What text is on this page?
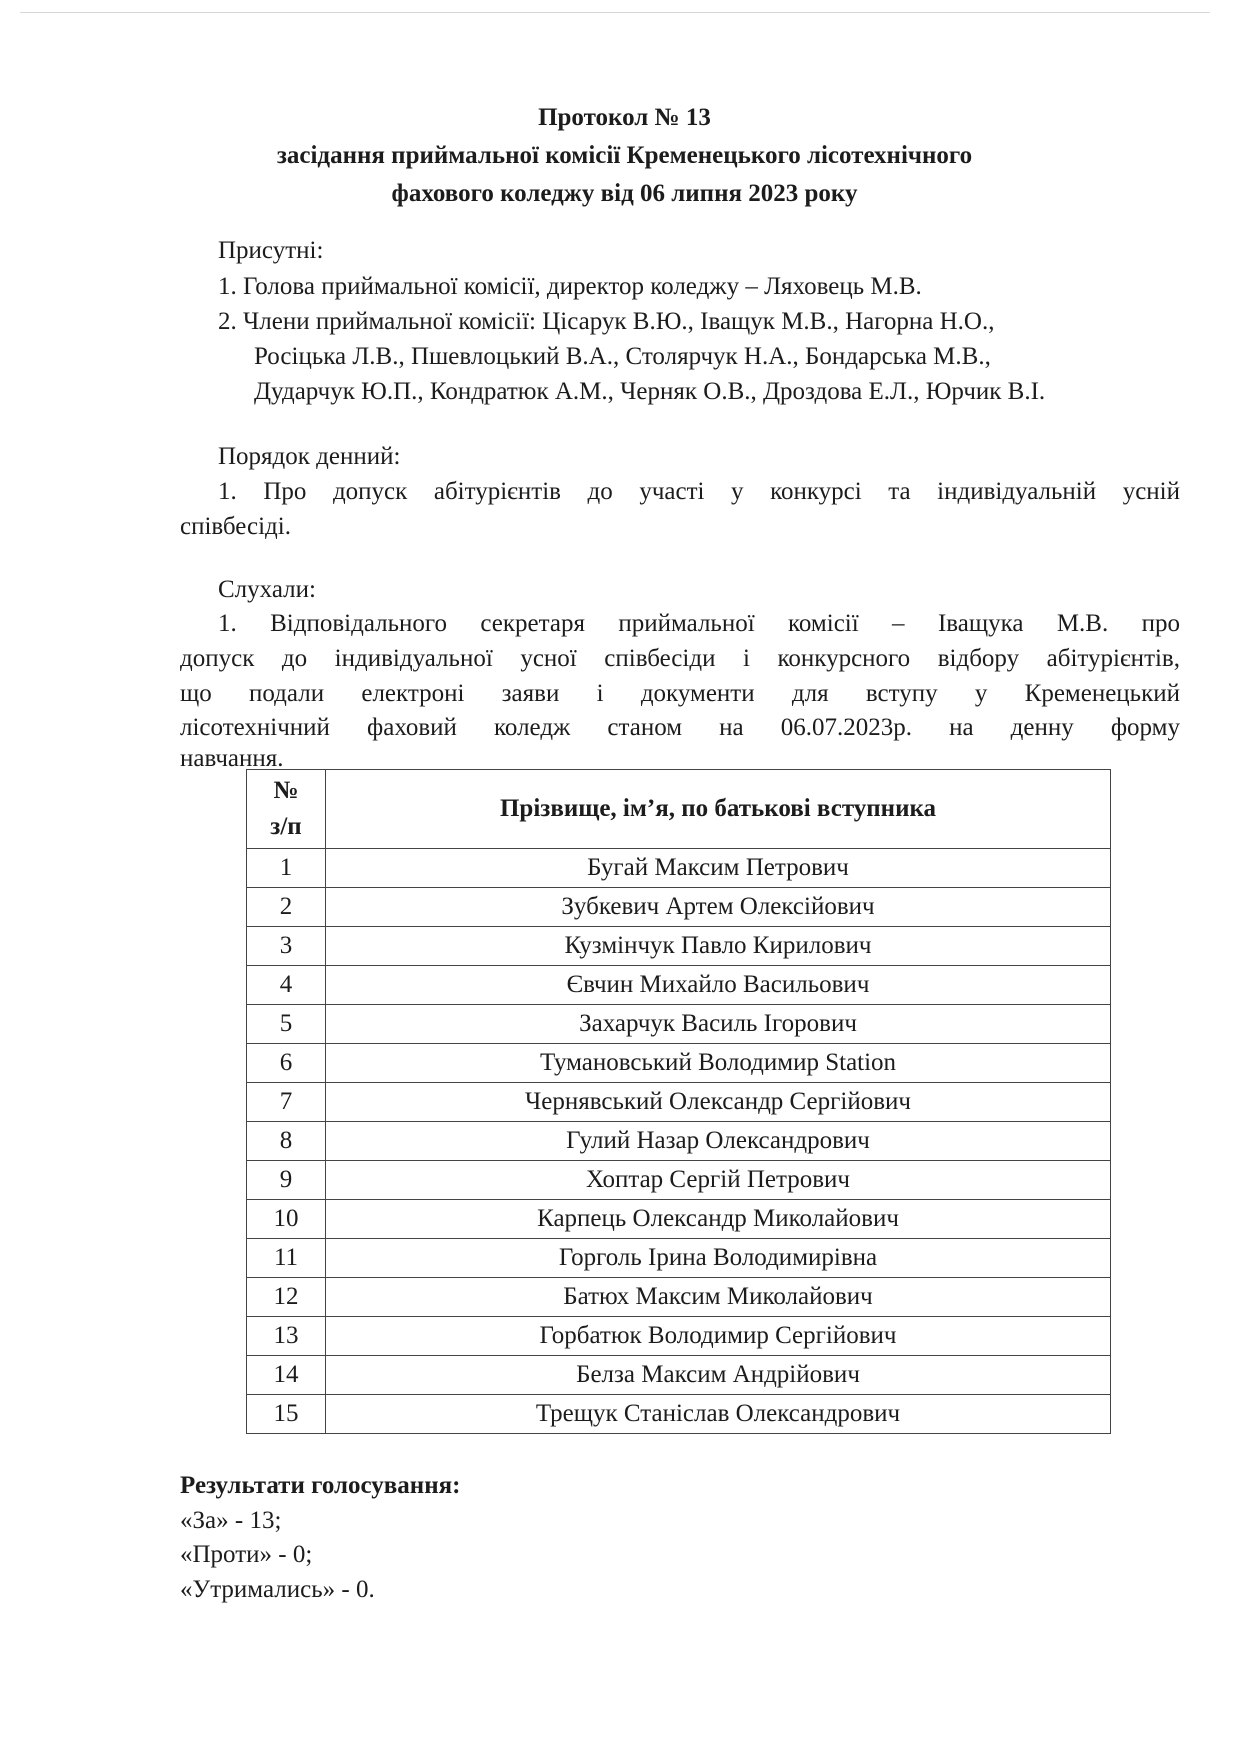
Протокол № 13
засідання приймальної комісії Кременецького лісотехнічного
фахового коледжу від 06 липня 2023 року
Присутні:
1. Голова приймальної комісії, директор коледжу – Ляховець М.В.
2. Члени приймальної комісії: Цісарук В.Ю., Іващук М.В., Нагорна Н.О.,
Росіцька Л.В., Пшевлоцький В.А., Столярчук Н.А., Бондарська М.В.,
Дударчук Ю.П., Кондратюк А.М., Черняк О.В., Дроздова Е.Л., Юрчик В.І.
Порядок денний:
1. Про допуск абітурієнтів до участі у конкурсі та індивідуальній усній
співбесіді.
Слухали:
1. Відповідального секретаря приймальної комісії – Іващука М.В. про
допуск до індивідуальної усної співбесіди і конкурсного відбору абітурієнтів,
що подали електроні заяви і документи для вступу у Кременецький
лісотехнічний фаховий коледж станом на 06.07.2023р. на денну форму
навчання.
№
з/п	Прізвище, ім’я, по батькові вступника
1	Бугай Максим Петрович
2	Зубкевич Артем Олексійович
3	Кузмінчук Павло Кирилович
4	Євчин Михайло Васильович
5	Захарчук Василь Ігорович
6	Тумановський Володимир Station
7	Чернявський Олександр Сергійович
8	Гулий Назар Олександрович
9	Хоптар Сергій Петрович
10	Карпець Олександр Миколайович
11	Горголь Ірина Володимирівна
12	Батюх Максим Миколайович
13	Горбатюк Володимир Сергійович
14	Белза Максим Андрійович
15	Трещук Станіслав Олександрович
Результати голосування:
«За» - 13;
«Проти» - 0;
«Утримались» - 0.
